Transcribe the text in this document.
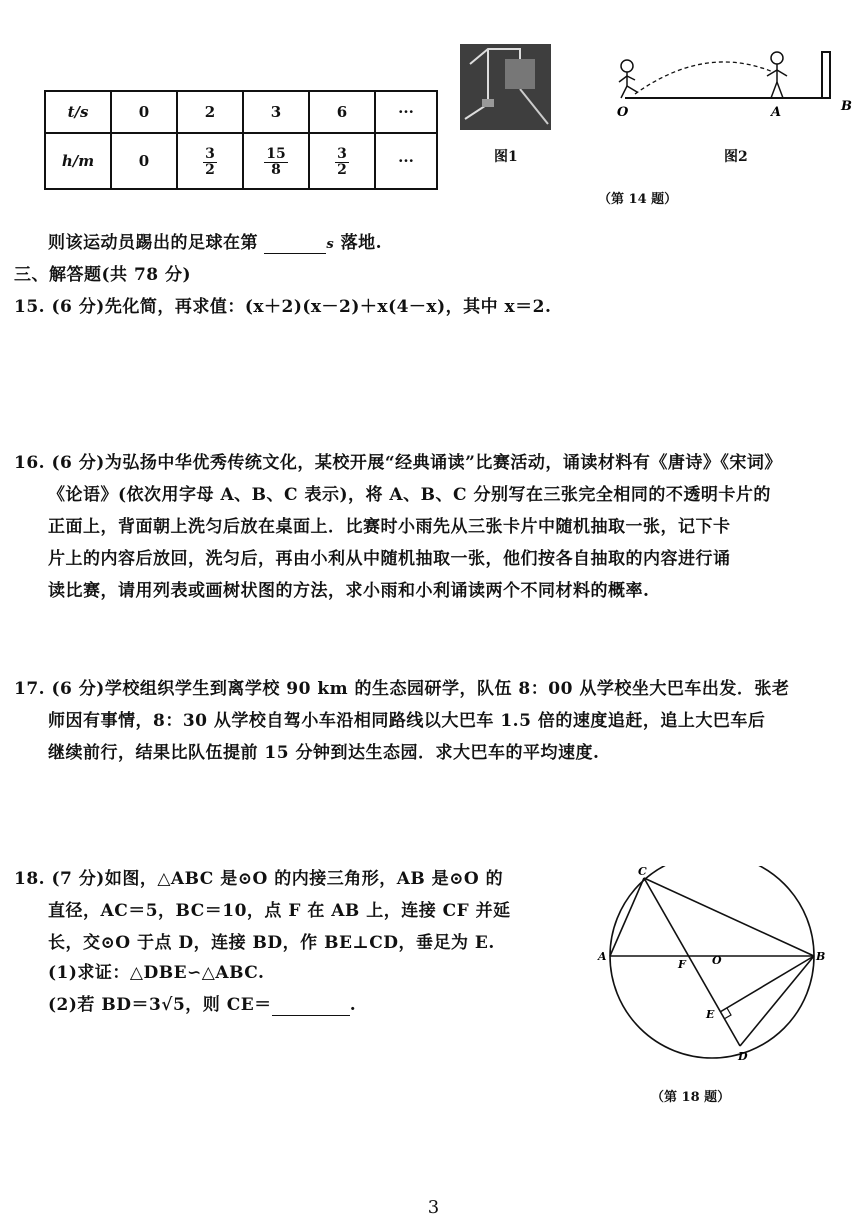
t/s	0	2	3	6	···
h/m	0	$\frac{3}{2}$	$\frac{15}{8}$	$\frac{3}{2}$	···	图1
O	A	B
图2
（第 14 题）
则该运动员踢出的足球在第	s 落地.
三、解答题(共 78 分)
15. (6 分)先化简，再求值：(x＋2)(x－2)＋x(4－x)，其中 x＝2.
16. (6 分)为弘扬中华优秀传统文化，某校开展“经典诵读”比赛活动，诵读材料有《唐诗》《宋词》
《论语》(依次用字母 A、B、C 表示)，将 A、B、C 分别写在三张完全相同的不透明卡片的
正面上，背面朝上洗匀后放在桌面上．比赛时小雨先从三张卡片中随机抽取一张，记下卡
片上的内容后放回，洗匀后，再由小利从中随机抽取一张，他们按各自抽取的内容进行诵
读比赛，请用列表或画树状图的方法，求小雨和小利诵读两个不同材料的概率.
17. (6 分)学校组织学生到离学校 90 km 的生态园研学，队伍 8：00 从学校坐大巴车出发．张老
师因有事情，8：30 从学校自驾小车沿相同路线以大巴车 1.5 倍的速度追赶，追上大巴车后
继续前行，结果比队伍提前 15 分钟到达生态园．求大巴车的平均速度.
18. (7 分)如图，△ABC 是⊙O 的内接三角形，AB 是⊙O 的
直径，AC＝5，BC＝10，点 F 在 AB 上，连接 CF 并延
长，交⊙O 于点 D，连接 BD，作 BE⊥CD，垂足为 E.
(1)求证：△DBE∽△ABC.
(2)若 BD＝3√5，则 CE＝	.
C
A	B
F O
E
D
（第 18 题）
3
